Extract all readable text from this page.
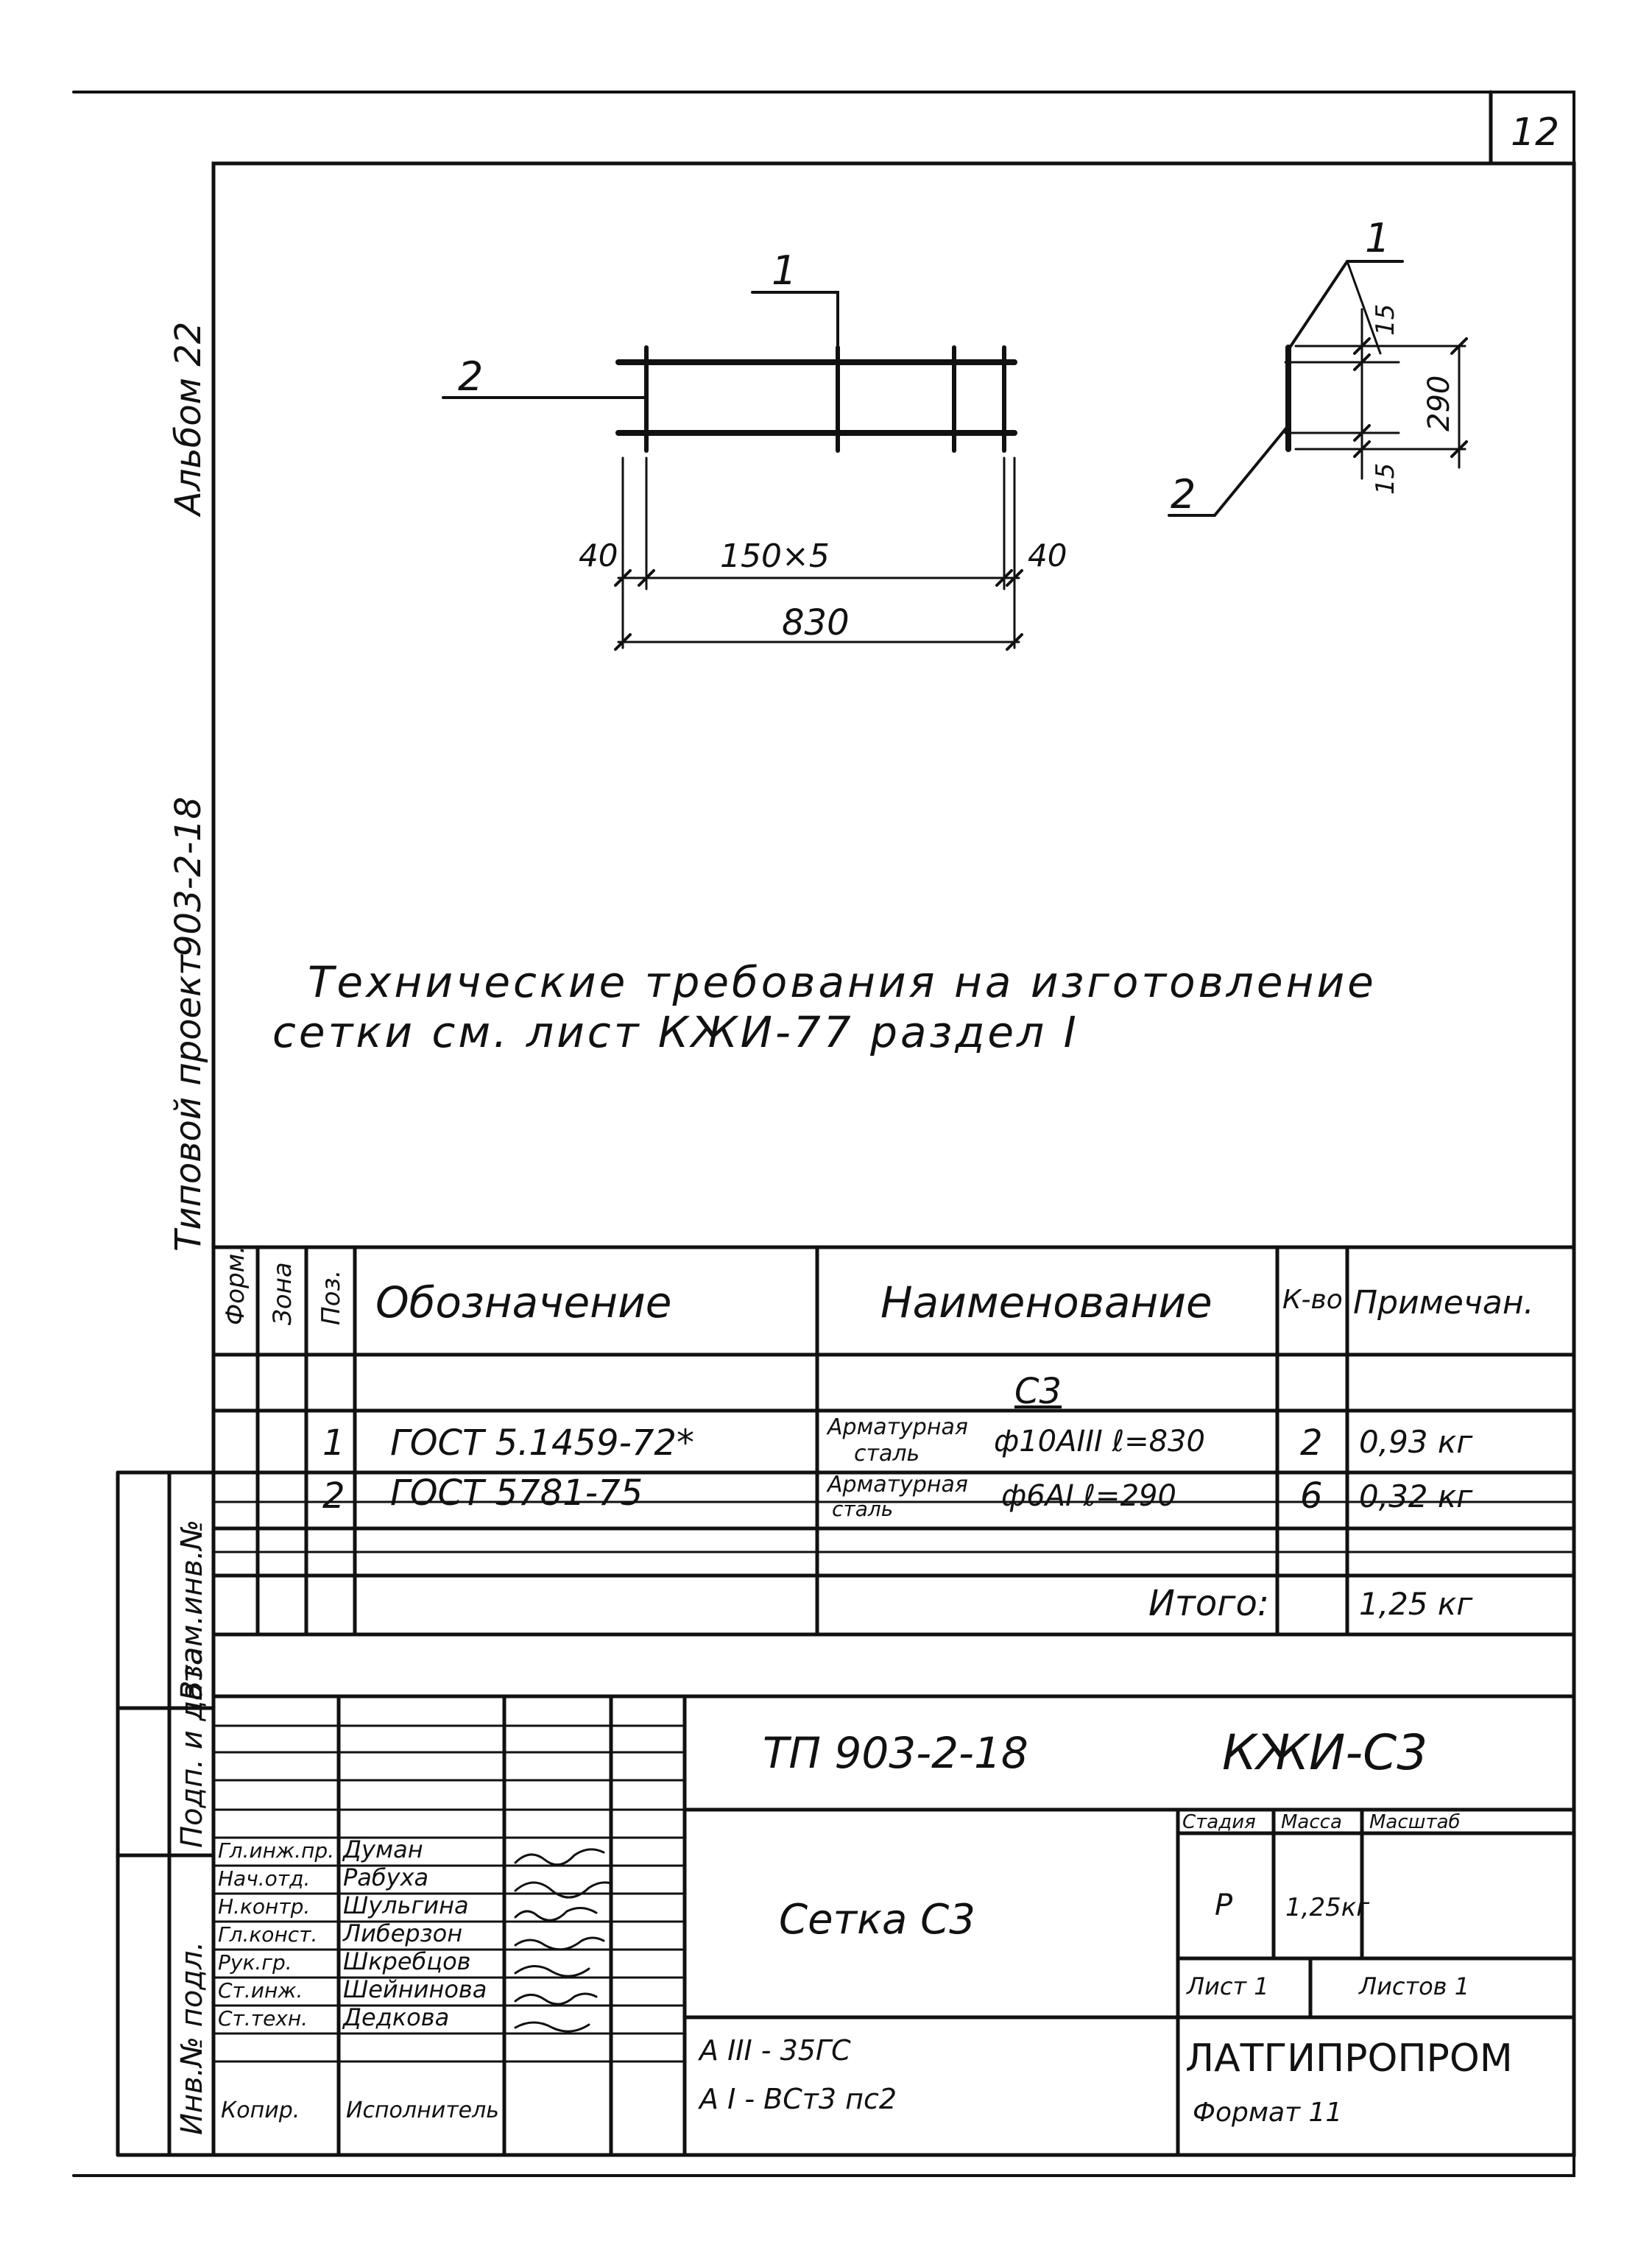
12
Альбом 22
903-2-18
Типовой проект
1
2
40	150×5	40
830
1
2
15
290
15
Технические требования на изготовление
сетки см. лист КЖИ-77 раздел I
Форм. Зона Поз. Обозначение	Наименование	К-во Примечан.
С3
1 ГОСТ 5.1459-72*	Арматурная
сталь	ф10АIII ℓ=830	2 0,93 кг
2 ГОСТ 5781-75	Арматурная
сталь	ф6АI ℓ=290	6 0,32 кг
Итого:	1,25 кг
Взам.инв.№
Подп. и дата
Инв.№ подл.
ТП 903-2-18	КЖИ-С3
Сетка С3
Стадия Масса Масштаб
Р 1,25кг
Лист 1	Листов 1
ЛАТГИПРОПРОМ
А III - 35ГС
А I - ВСт3 пс2
Гл.инж.пр. Думан
Нач.отд. Рабуха
Н.контр. Шульгина
Гл.конст. Либерзон
Рук.гр. Шкребцов
Ст.инж. Шейнинова
Ст.техн. Дедкова
Копир. Исполнитель	Формат 11
